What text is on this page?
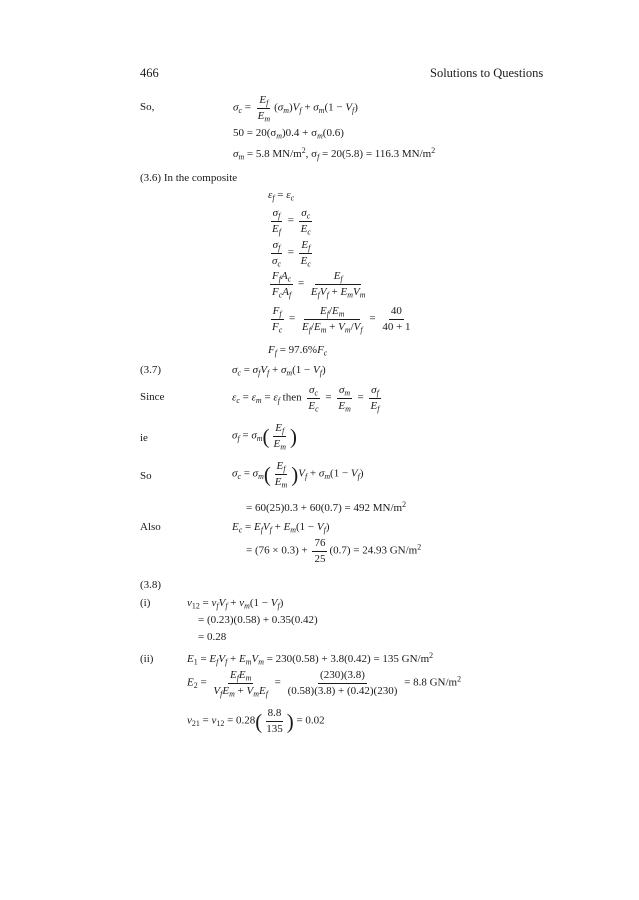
466	Solutions to Questions
So,	$\sigma_c = \frac{E_f}{E_m} (\sigma_m)V_f + \sigma_m(1 - V_f)$
$50 = 20(\sigma_m)0.4 + \sigma_m(0.6)$
$\sigma_m = 5.8$ $MN/m^2$, $\sigma_f = 20(5.8) = 116.3$ $MN/m^2$
(3.6) In the composite
$\varepsilon_f = \varepsilon_c$
$\frac{\sigma_f}{E_f} = \frac{\sigma_c}{E_c}$
$\frac{\sigma_f}{\sigma_c} = \frac{E_f}{E_c}$
$\frac{F_fA_c}{F_cA_f} = \frac{E_f}{E_fV_f + E_mV_m}$
$\frac{F_f}{F_c} = \frac{E_f/E_m}{E_f/E_m + V_m/V_f} = \frac{40}{40 + 1}$
$F_f = 97.6\%F_c$
(3.7)	$\sigma_c = \sigma_fV_f + \sigma_m(1 - V_f)$
Since	$\varepsilon_c = \varepsilon_m = \varepsilon_f$ then $\frac{\sigma_c}{E_c} = \frac{\sigma_m}{E_m} = \frac{\sigma_f}{E_f}$
ie	$\sigma_f = \sigma_m( \frac{E_f}{E_m}$ )
So	$\sigma_c = \sigma_m( \frac{E_f}{E_m} )V_f + \sigma_m(1 - V_f)$
= 60(25)0.3 + 60(0.7) = 492 $MN/m^2$
Also	$E_c = E_fV_f + E_m(1 - V_f)$
= $(76 \times 0.3) + \frac{76}{25} (0.7) = 24.93$ $GN/m^2$
(3.8)
(i)	$\nu_{12} = \nu_fV_f + \nu_m(1 - V_f)$
= (0.23)(0.58) + 0.35(0.42)
= 0.28
(ii)	$E_1 = E_fV_f + E_mV_m = 230(0.58) + 3.8(0.42) = 135$ $GN/m^2$
$E_2 = \frac{E_fE_m}{V_fE_m + V_mE_f} = \frac{(230)(3.8)}{(0.58)(3.8) + (0.42)(230)} = 8.8$ $GN/m^2$
$\nu_{21} = \nu_{12} = 0.28( \frac{8.8}{135}$ ) = 0.02
